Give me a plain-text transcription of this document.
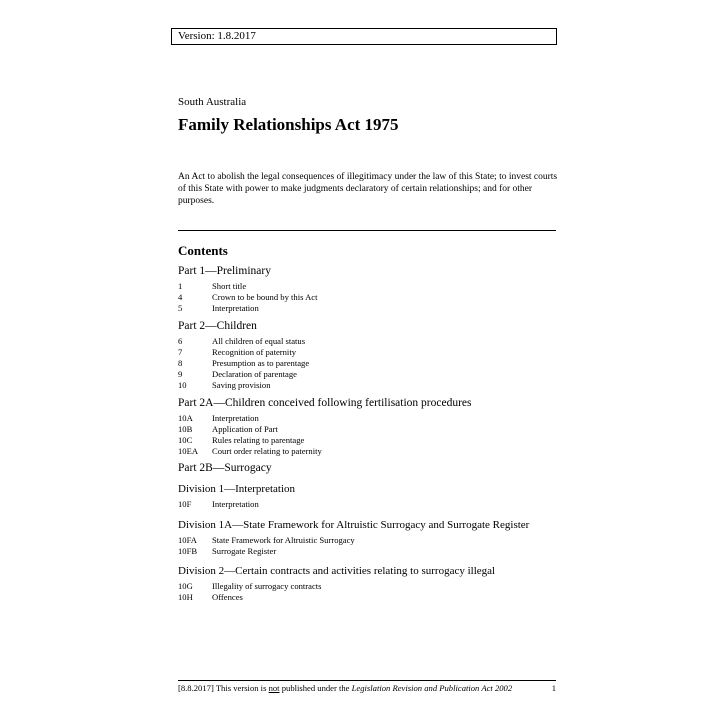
Version: 1.8.2017
South Australia
Family Relationships Act 1975
An Act to abolish the legal consequences of illegitimacy under the law of this State; to invest courts of this State with power to make judgments declaratory of certain relationships; and for other purposes.
Contents
Part 1—Preliminary
1	Short title
4	Crown to be bound by this Act
5	Interpretation
Part 2—Children
6	All children of equal status
7	Recognition of paternity
8	Presumption as to parentage
9	Declaration of parentage
10	Saving provision
Part 2A—Children conceived following fertilisation procedures
10A	Interpretation
10B	Application of Part
10C	Rules relating to parentage
10EA	Court order relating to paternity
Part 2B—Surrogacy
Division 1—Interpretation
10F	Interpretation
Division 1A—State Framework for Altruistic Surrogacy and Surrogate Register
10FA	State Framework for Altruistic Surrogacy
10FB	Surrogate Register
Division 2—Certain contracts and activities relating to surrogacy illegal
10G	Illegality of surrogacy contracts
10H	Offences
[8.8.2017] This version is not published under the Legislation Revision and Publication Act 2002	1
